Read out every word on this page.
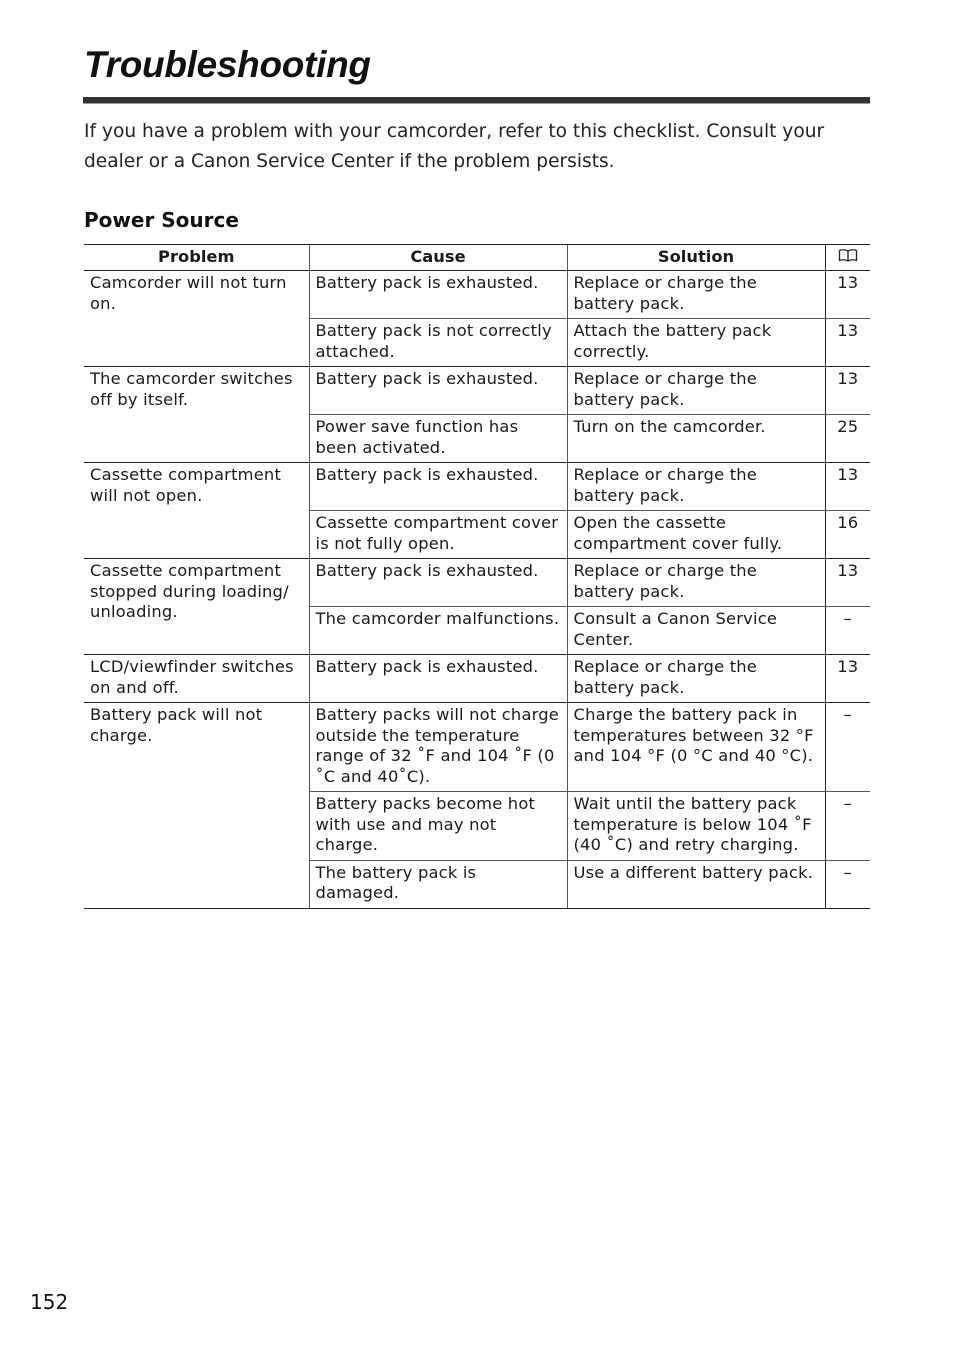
Troubleshooting

If you have a problem with your camcorder, refer to this checklist. Consult your dealer or a Canon Service Center if the problem persists.

Power Source
Problem	Cause	Solution	
Camcorder will not turn on.	Battery pack is exhausted.	Replace or charge the battery pack.	13
	Battery pack is not correctly attached.	Attach the battery pack correctly.	13
The camcorder switches off by itself.	Battery pack is exhausted.	Replace or charge the battery pack.	13
	Power save function has been activated.	Turn on the camcorder.	25
Cassette compartment will not open.	Battery pack is exhausted.	Replace or charge the battery pack.	13
	Cassette compartment cover is not fully open.	Open the cassette compartment cover fully.	16
Cassette compartment stopped during loading/ unloading.	Battery pack is exhausted.	Replace or charge the battery pack.	13
	The camcorder malfunctions.	Consult a Canon Service Center.	–
LCD/viewfinder switches on and off.	Battery pack is exhausted.	Replace or charge the battery pack.	13
Battery pack will not charge.	Battery packs will not charge outside the temperature range of 32 ˚F and 104 ˚F (0 ˚C and 40˚C).	Charge the battery pack in temperatures between 32 °F and 104 °F (0 °C and 40 °C).	–
	Battery packs become hot with use and may not charge.	Wait until the battery pack temperature is below 104 ˚F (40 ˚C) and retry charging.	–
	The battery pack is damaged.	Use a different battery pack.	–
152
